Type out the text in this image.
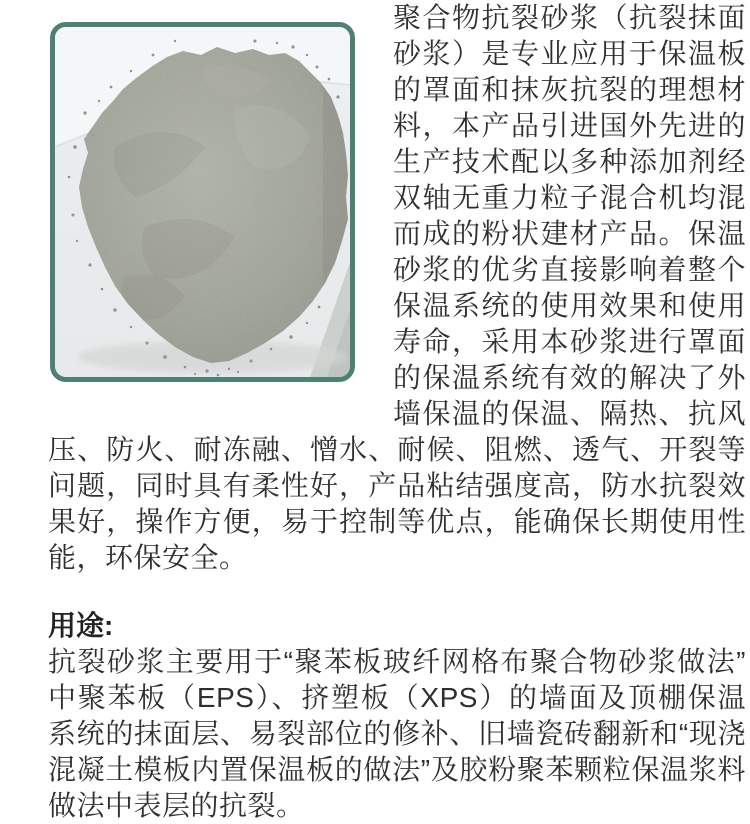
聚合物抗裂砂浆（抗裂抹面砂浆）是专业应用于保温板的罩面和抹灰抗裂的理想材料，本产品引进国外先进的生产技术配以多种添加剂经双轴无重力粒子混合机均混而成的粉状建材产品。保温砂浆的优劣直接影响着整个保温系统的使用效果和使用寿命，采用本砂浆进行罩面的保温系统有效的解决了外墙保温的保温、隔热、抗风压、防火、耐冻融、憎水、耐候、阻燃、透气、开裂等问题，同时具有柔性好，产品粘结强度高，防水抗裂效果好，操作方便，易于控制等优点，能确保长期使用性能，环保安全。

用途:

抗裂砂浆主要用于“聚苯板玻纤网格布聚合物砂浆做法”中聚苯板（EPS）、挤塑板（XPS）的墙面及顶棚保温系统的抹面层、易裂部位的修补、旧墙瓷砖翻新和“现浇混凝土模板内置保温板的做法”及胶粉聚苯颗粒保温浆料做法中表层的抗裂。
